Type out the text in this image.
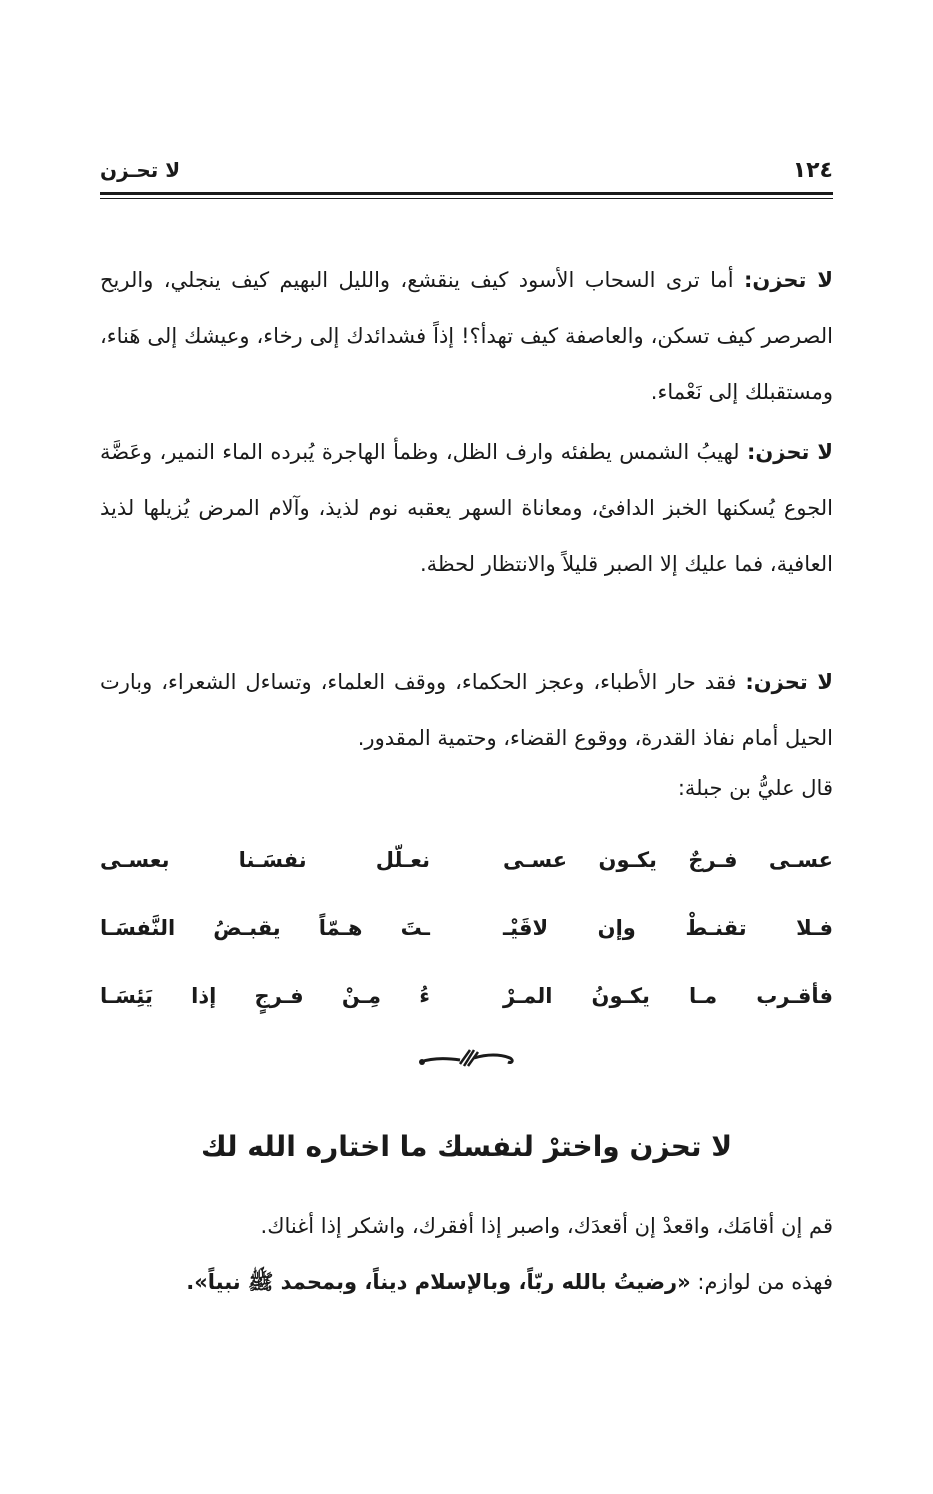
١٢٤
لا تحـزن

لا تحزن: أما ترى السحاب الأسود كيف ينقشع، والليل البهيم كيف ينجلي، والريح الصرصر كيف تسكن، والعاصفة كيف تهدأ؟! إذاً فشدائدك إلى رخاء، وعيشك إلى هَناء، ومستقبلك إلى نَعْماء.

لا تحزن: لهيبُ الشمس يطفئه وارف الظل، وظمأ الهاجرة يُبرده الماء النمير، وعَضَّة الجوع يُسكنها الخبز الدافئ، ومعاناة السهر يعقبه نوم لذيذ، وآلام المرض يُزيلها لذيذ العافية، فما عليك إلا الصبر قليلاً والانتظار لحظة.

لا تحزن: فقد حار الأطباء، وعجز الحكماء، ووقف العلماء، وتساءل الشعراء، وبارت الحيل أمام نفاذ القدرة، ووقوع القضاء، وحتمية المقدور.

قال عليُّ بن جبلة:
عسـى فـرجٌ يكـون عسـى
نعـلّل نفسَـنا بعسـى
فـلا تقنـطْ وإن لاقَيْـ
ـتَ هـمّاً يقبـضُ النَّفسَـا
فأقـرب مـا يكـونُ المـرْ
ءُ مِـنْ فـرجٍ إذا يَئِسَـا
لا تحزن واخترْ لنفسك ما اختاره الله لك
قم إن أقامَك، واقعدْ إن أقعدَك، واصبر إذا أفقرك، واشكر إذا أغناك.
فهذه من لوازم: «رضيتُ بالله ربّاً، وبالإسلام ديناً، وبمحمد ﷺ نبياً».
